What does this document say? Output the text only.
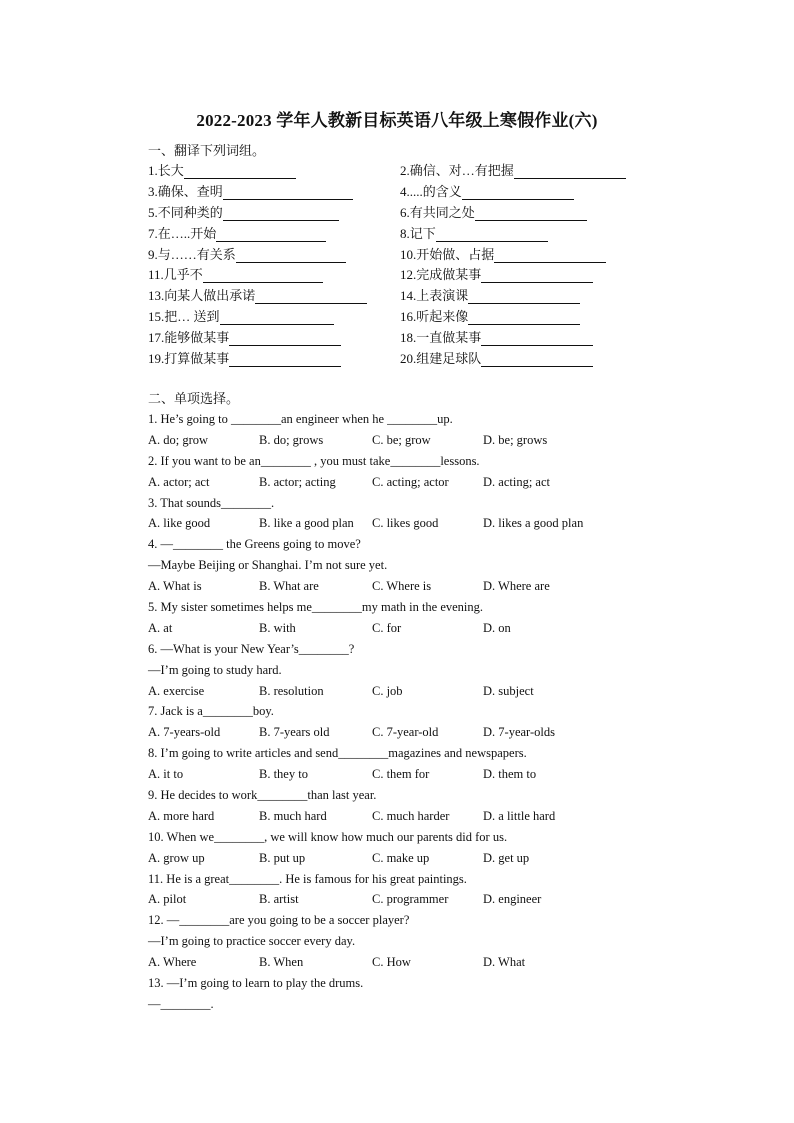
2022-2023 学年人教新目标英语八年级上寒假作业(六)
一、翻译下列词组。
1.长大	2.确信、对…有把握
3.确保、查明	4.....的含义
5.不同种类的	6.有共同之处
7.在…..开始	8.记下
9.与……有关系	10.开始做、占据
11.几乎不	12.完成做某事
13.向某人做出承诺	14.上表演课
15.把… 送到	16.听起来像
17.能够做某事	18.一直做某事
19.打算做某事	20.组建足球队
二、单项选择。
1. He’s going to ________an engineer when he ________up.
A. do; grow	B. do; grows	C. be; grow	D. be; grows
2. If you want to be an________ , you must take________lessons.
A. actor; act	B. actor; acting	C. acting; actor	D. acting; act
3. That sounds________.
A. like good	B. like a good plan C. likes good	D. likes a good plan
4. —________ the Greens going to move?
—Maybe Beijing or Shanghai. I’m not sure yet.
A. What is	B. What are	C. Where is	D. Where are
5. My sister sometimes helps me________my math in the evening.
A. at	B. with	C. for	D. on
6. —What is your New Year’s________?
—I’m going to study hard.
A. exercise	B. resolution	C. job	D. subject
7. Jack is a________boy.
A. 7-years-old	B. 7-years old	C. 7-year-old	D. 7-year-olds
8. I’m going to write articles and send________magazines and newspapers.
A. it to	B. they to	C. them for	D. them to
9. He decides to work________than last year.
A. more hard	B. much hard	C. much harder	D. a little hard
10. When we________, we will know how much our parents did for us.
A. grow up	B. put up	C. make up	D. get up
11. He is a great________. He is famous for his great paintings.
A. pilot	B. artist	C. programmer	D. engineer
12. —________are you going to be a soccer player?
—I’m going to practice soccer every day.
A. Where	B. When	C. How	D. What
13. —I’m going to learn to play the drums.
—________.
